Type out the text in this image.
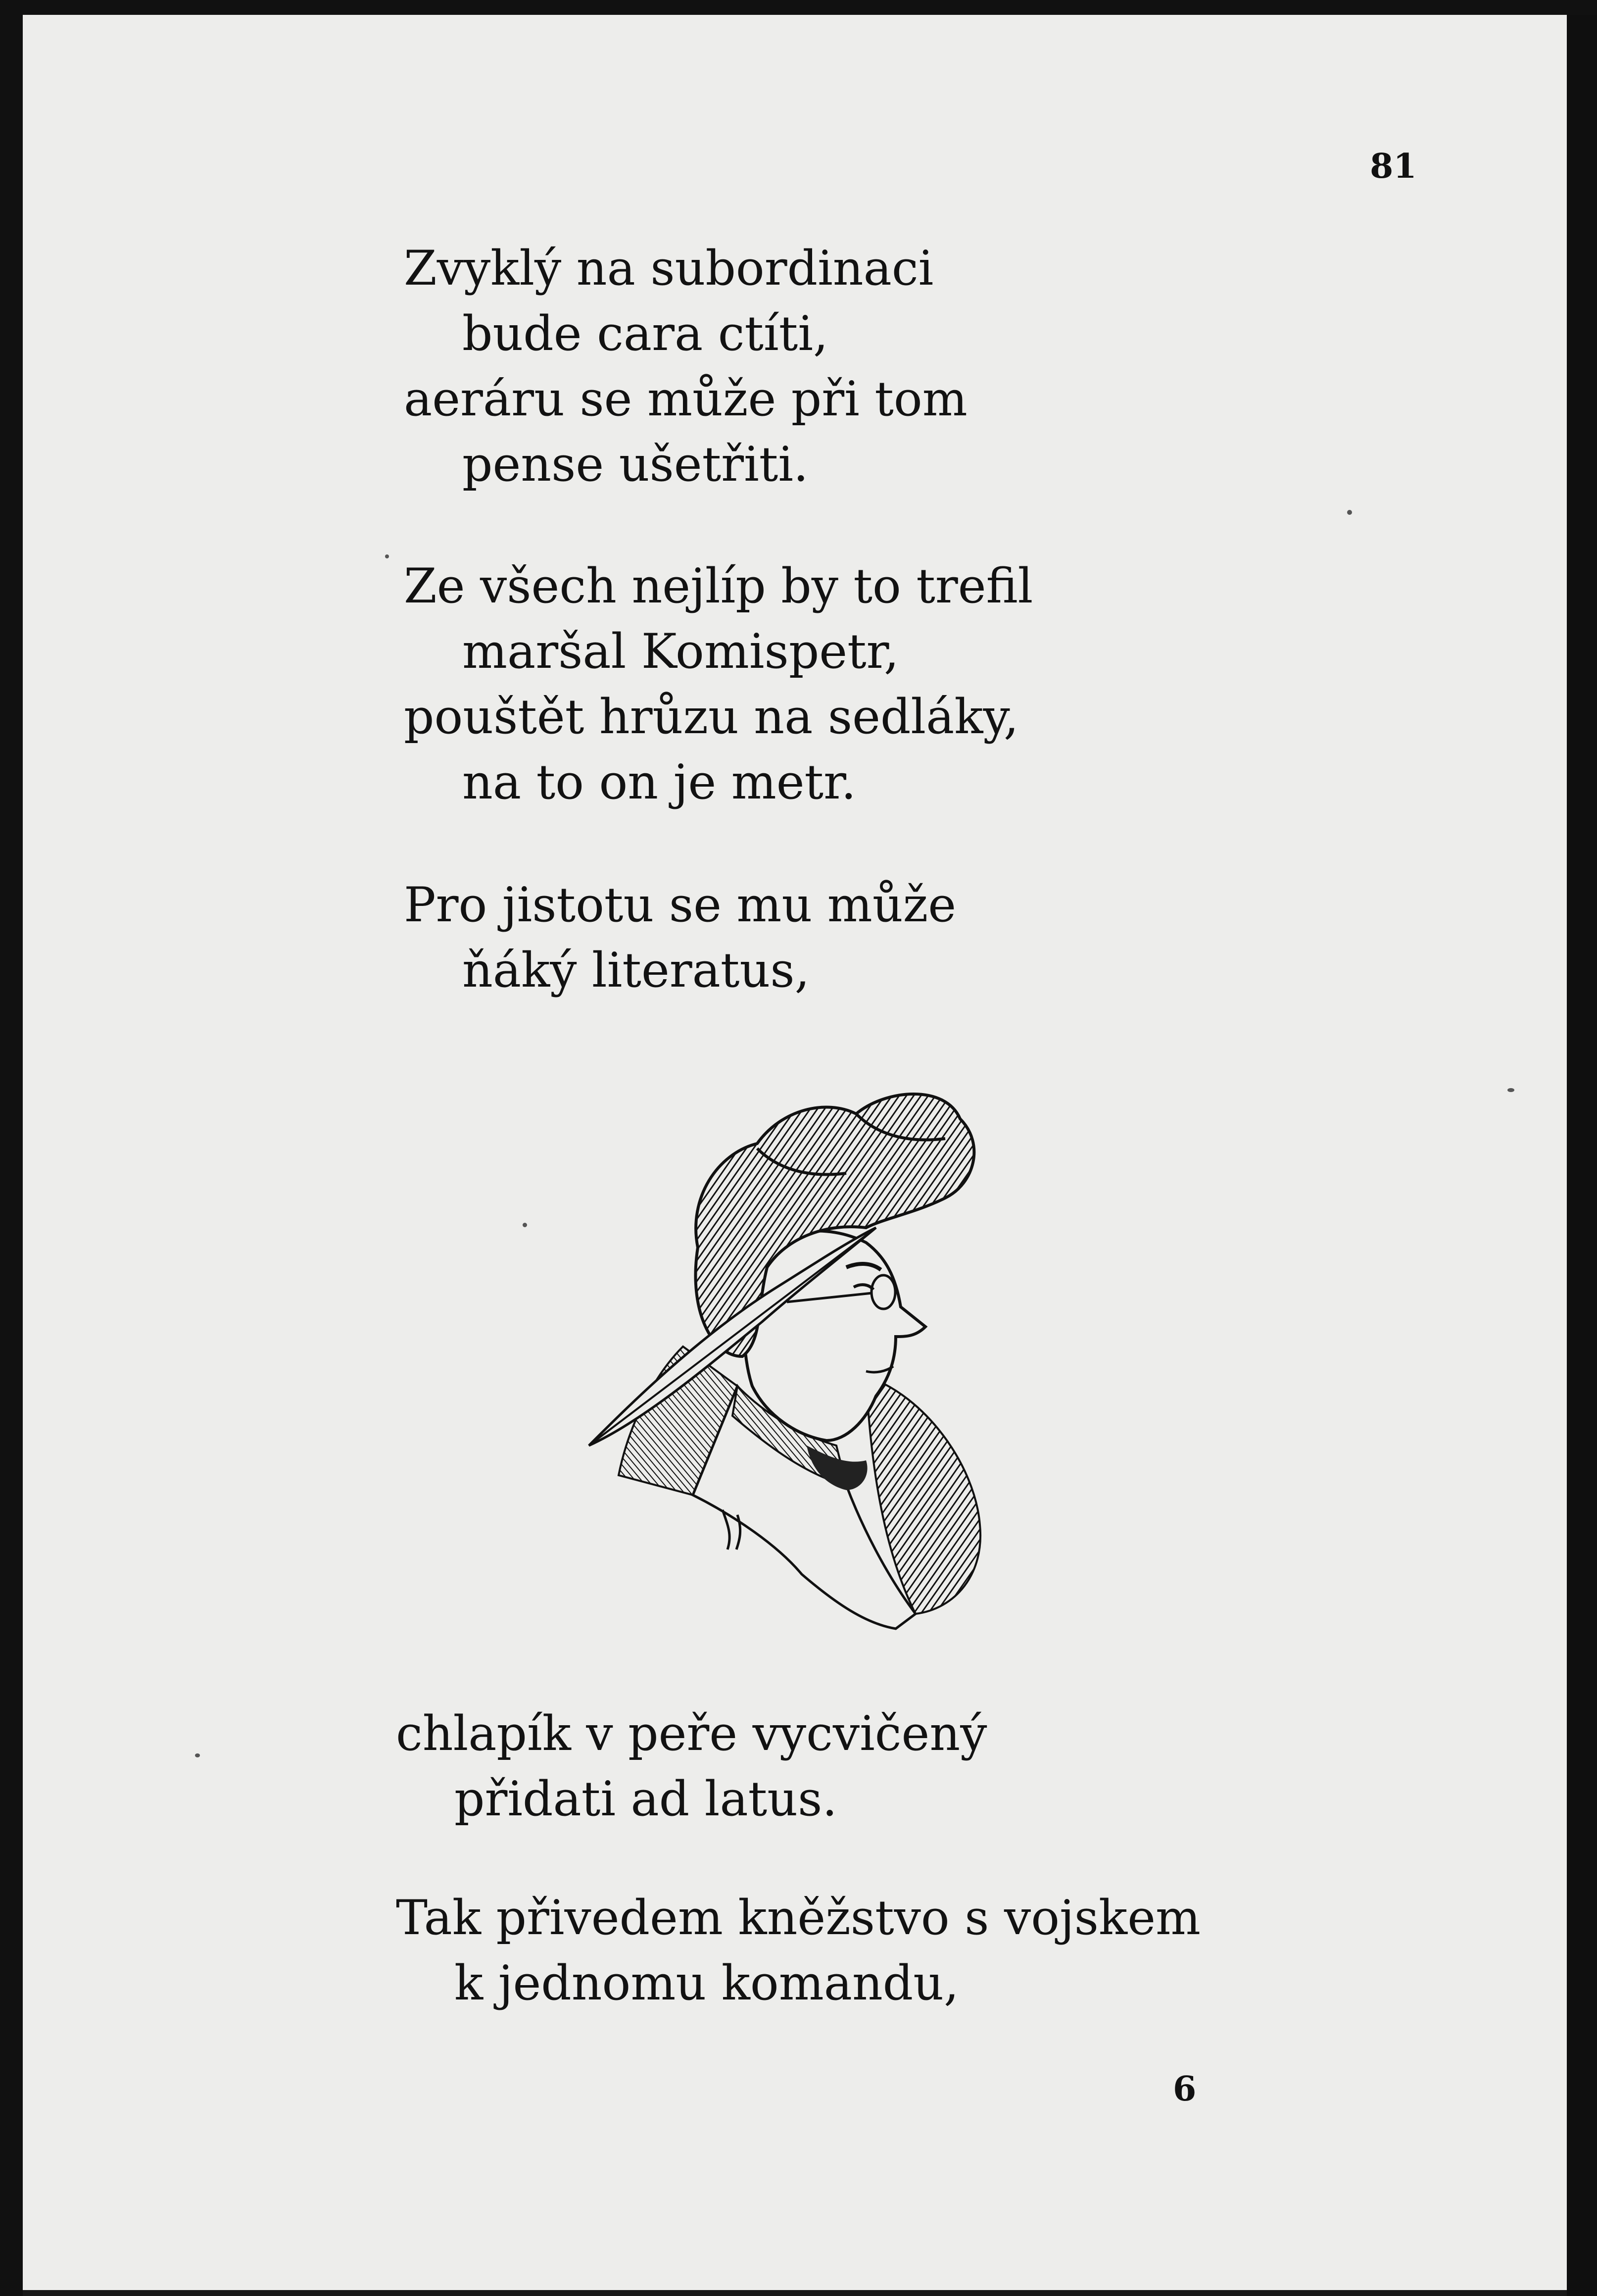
81
Zvyklý na subordinaci
bude cara ctíti,
aeráru se může při tom
pense ušetřiti.
Ze všech nejlíp by to trefil
maršal Komispetr,
pouštět hrůzu na sedláky,
na to on je metr.
Pro jistotu se mu může
ňáký literatus,
chlapík v peře vycvičený
přidati ad latus.
Tak přivedem kněžstvo s vojskem
k jednomu komandu,
6
